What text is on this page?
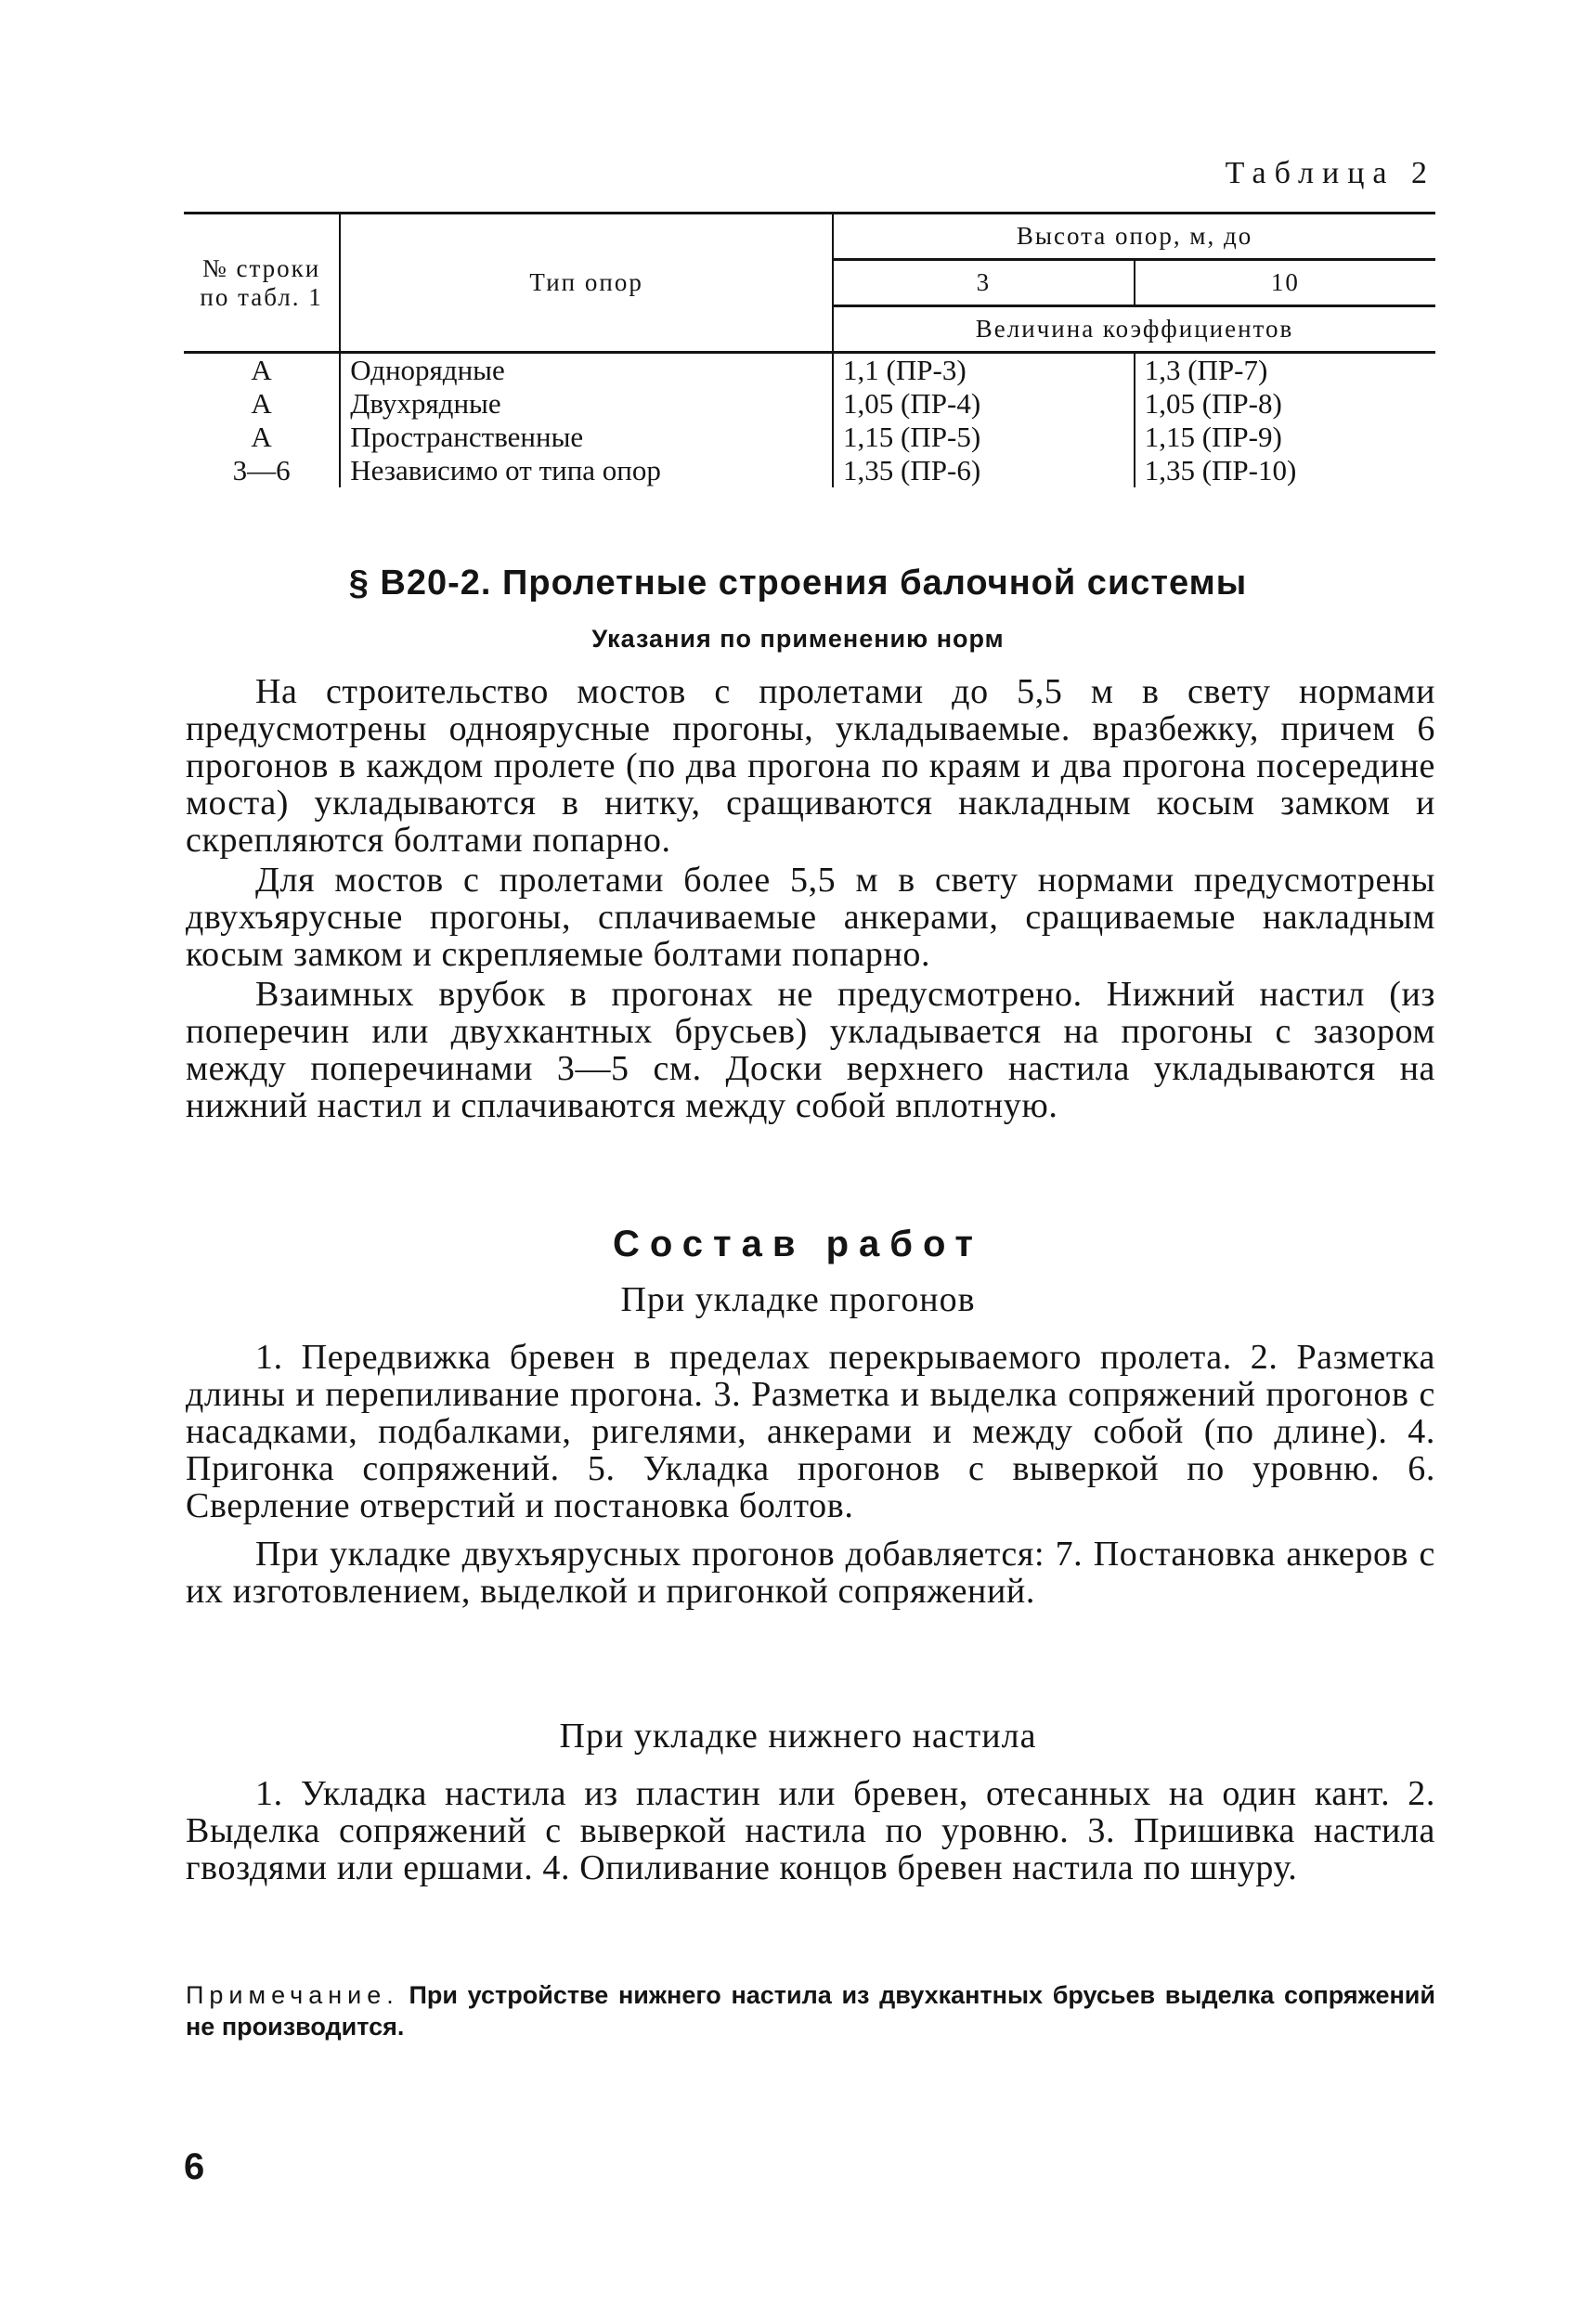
Таблица 2
№ строки по табл. 1	Тип опор	Высота опор, м, до	
		3	10
		Величина коэффициентов	
А	Однорядные	1,1 (ПР-3)	1,3 (ПР-7)
А	Двухрядные	1,05 (ПР-4)	1,05 (ПР-8)
А	Пространственные	1,15 (ПР-5)	1,15 (ПР-9)
3—6	Независимо от типа опор	1,35 (ПР-6)	1,35 (ПР-10)
§ В20-2. Пролетные строения балочной системы
Указания по применению норм

На строительство мостов с пролетами до 5,5 м в свету нормами предусмотрены одноярусные прогоны, укладываемые. вразбежку, причем 6 прогонов в каждом пролете (по два прогона по краям и два прогона посередине моста) укладываются в нитку, сращиваются накладным косым замком и скрепляются болтами попарно.

Для мостов с пролетами более 5,5 м в свету нормами предусмотрены двухъярусные прогоны, сплачиваемые анкерами, сращиваемые накладным косым замком и скрепляемые болтами попарно.

Взаимных врубок в прогонах не предусмотрено. Нижний настил (из поперечин или двухкантных брусьев) укладывается на прогоны с зазором между поперечинами 3—5 см. Доски верхнего настила укладываются на нижний настил и сплачиваются между собой вплотную.

Состав работ
При укладке прогонов

1. Передвижка бревен в пределах перекрываемого пролета. 2. Разметка длины и перепиливание прогона. 3. Разметка и выделка сопряжений прогонов с насадками, подбалками, ригелями, анкерами и между собой (по длине). 4. Пригонка сопряжений. 5. Укладка прогонов с выверкой по уровню. 6. Сверление отверстий и постановка болтов.

При укладке двухъярусных прогонов добавляется: 7. Постановка анкеров с их изготовлением, выделкой и пригонкой сопряжений.

При укладке нижнего настила

1. Укладка настила из пластин или бревен, отесанных на один кант. 2. Выделка сопряжений с выверкой настила по уровню. 3. Пришивка настила гвоздями или ершами. 4. Опиливание концов бревен настила по шнуру.

Примечание. При устройстве нижнего настила из двухкантных брусьев выделка сопряжений не производится.
6
